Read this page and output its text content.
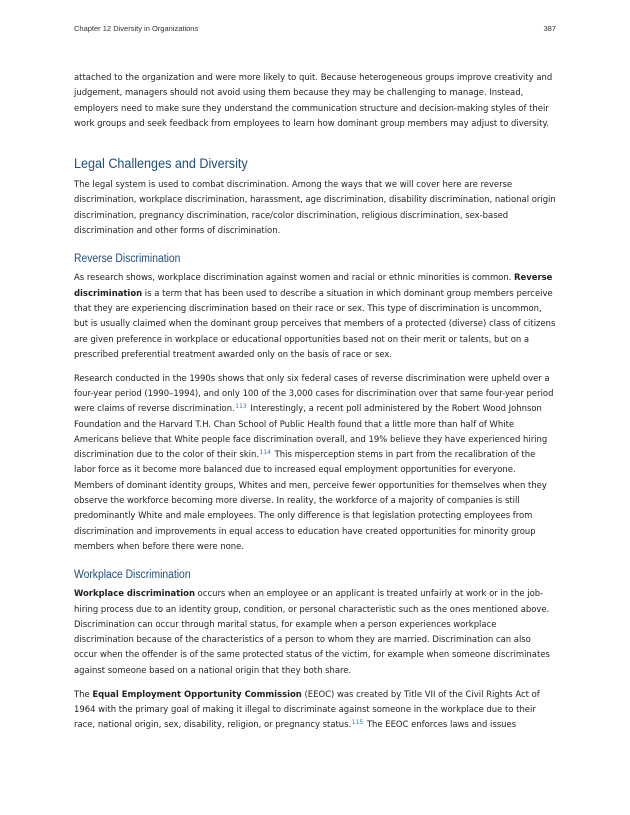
Chapter 12 Diversity in Organizations	387

attached to the organization and were more likely to quit. Because heterogeneous groups improve creativity and judgement, managers should not avoid using them because they may be challenging to manage. Instead, employers need to make sure they understand the communication structure and decision-making styles of their work groups and seek feedback from employees to learn how dominant group members may adjust to diversity.

Legal Challenges and Diversity

The legal system is used to combat discrimination. Among the ways that we will cover here are reverse discrimination, workplace discrimination, harassment, age discrimination, disability discrimination, national origin discrimination, pregnancy discrimination, race/color discrimination, religious discrimination, sex-based discrimination and other forms of discrimination.

Reverse Discrimination

As research shows, workplace discrimination against women and racial or ethnic minorities is common. Reverse discrimination is a term that has been used to describe a situation in which dominant group members perceive that they are experiencing discrimination based on their race or sex. This type of discrimination is uncommon, but is usually claimed when the dominant group perceives that members of a protected (diverse) class of citizens are given preference in workplace or educational opportunities based not on their merit or talents, but on a prescribed preferential treatment awarded only on the basis of race or sex.

Research conducted in the 1990s shows that only six federal cases of reverse discrimination were upheld over a four-year period (1990–1994), and only 100 of the 3,000 cases for discrimination over that same four-year period were claims of reverse discrimination.$^{113}$ Interestingly, a recent poll administered by the Robert Wood Johnson Foundation and the Harvard T.H. Chan School of Public Health found that a little more than half of White Americans believe that White people face discrimination overall, and 19% believe they have experienced hiring discrimination due to the color of their skin.$^{114}$ This misperception stems in part from the recalibration of the labor force as it become more balanced due to increased equal employment opportunities for everyone. Members of dominant identity groups, Whites and men, perceive fewer opportunities for themselves when they observe the workforce becoming more diverse. In reality, the workforce of a majority of companies is still predominantly White and male employees. The only difference is that legislation protecting employees from discrimination and improvements in equal access to education have created opportunities for minority group members when before there were none.

Workplace Discrimination

Workplace discrimination occurs when an employee or an applicant is treated unfairly at work or in the job-hiring process due to an identity group, condition, or personal characteristic such as the ones mentioned above. Discrimination can occur through marital status, for example when a person experiences workplace discrimination because of the characteristics of a person to whom they are married. Discrimination can also occur when the offender is of the same protected status of the victim, for example when someone discriminates against someone based on a national origin that they both share.

The Equal Employment Opportunity Commission (EEOC) was created by Title VII of the Civil Rights Act of 1964 with the primary goal of making it illegal to discriminate against someone in the workplace due to their race, national origin, sex, disability, religion, or pregnancy status.$^{115}$ The EEOC enforces laws and issues
